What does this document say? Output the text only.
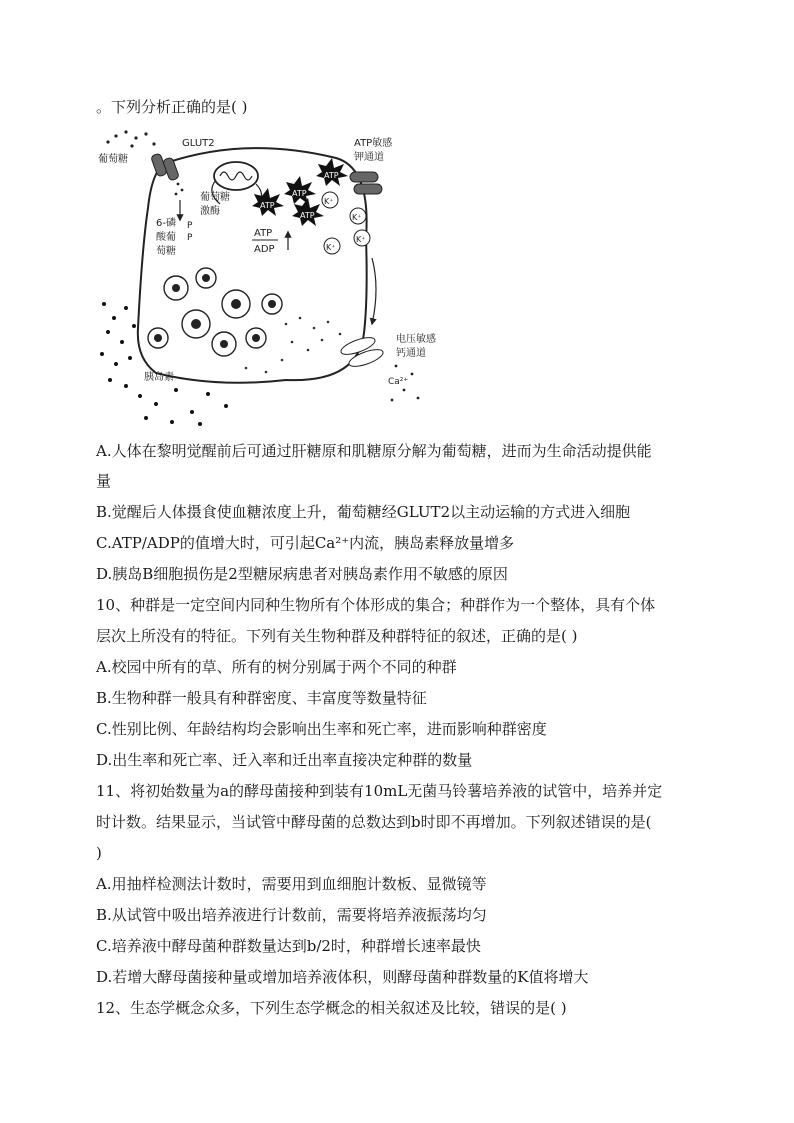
。下列分析正确的是( )
葡萄糖
GLUT2
葡萄糖
激酶
6-磷
酸葡
萄糖
P
P
ATP
ATP
ATP
ATP
ATP
ADP
K⁺
K⁺
K⁺
K⁺
ATP敏感
钾通道
电压敏感
钙通道
Ca²⁺
胰岛素
A.人体在黎明觉醒前后可通过肝糖原和肌糖原分解为葡萄糖，进而为生命活动提供能
量
B.觉醒后人体摄食使血糖浓度上升，葡萄糖经GLUT2以主动运输的方式进入细胞
C.ATP/ADP的值增大时，可引起Ca²⁺内流，胰岛素释放量增多
D.胰岛B细胞损伤是2型糖尿病患者对胰岛素作用不敏感的原因
10、种群是一定空间内同种生物所有个体形成的集合；种群作为一个整体，具有个体
层次上所没有的特征。下列有关生物种群及种群特征的叙述，正确的是( )
A.校园中所有的草、所有的树分别属于两个不同的种群
B.生物种群一般具有种群密度、丰富度等数量特征
C.性别比例、年龄结构均会影响出生率和死亡率，进而影响种群密度
D.出生率和死亡率、迁入率和迁出率直接决定种群的数量
11、将初始数量为a的酵母菌接种到装有10mL无菌马铃薯培养液的试管中，培养并定
时计数。结果显示，当试管中酵母菌的总数达到b时即不再增加。下列叙述错误的是(
)
A.用抽样检测法计数时，需要用到血细胞计数板、显微镜等
B.从试管中吸出培养液进行计数前，需要将培养液振荡均匀
C.培养液中酵母菌种群数量达到b/2时，种群增长速率最快
D.若增大酵母菌接种量或增加培养液体积，则酵母菌种群数量的K值将增大
12、生态学概念众多，下列生态学概念的相关叙述及比较，错误的是( )
